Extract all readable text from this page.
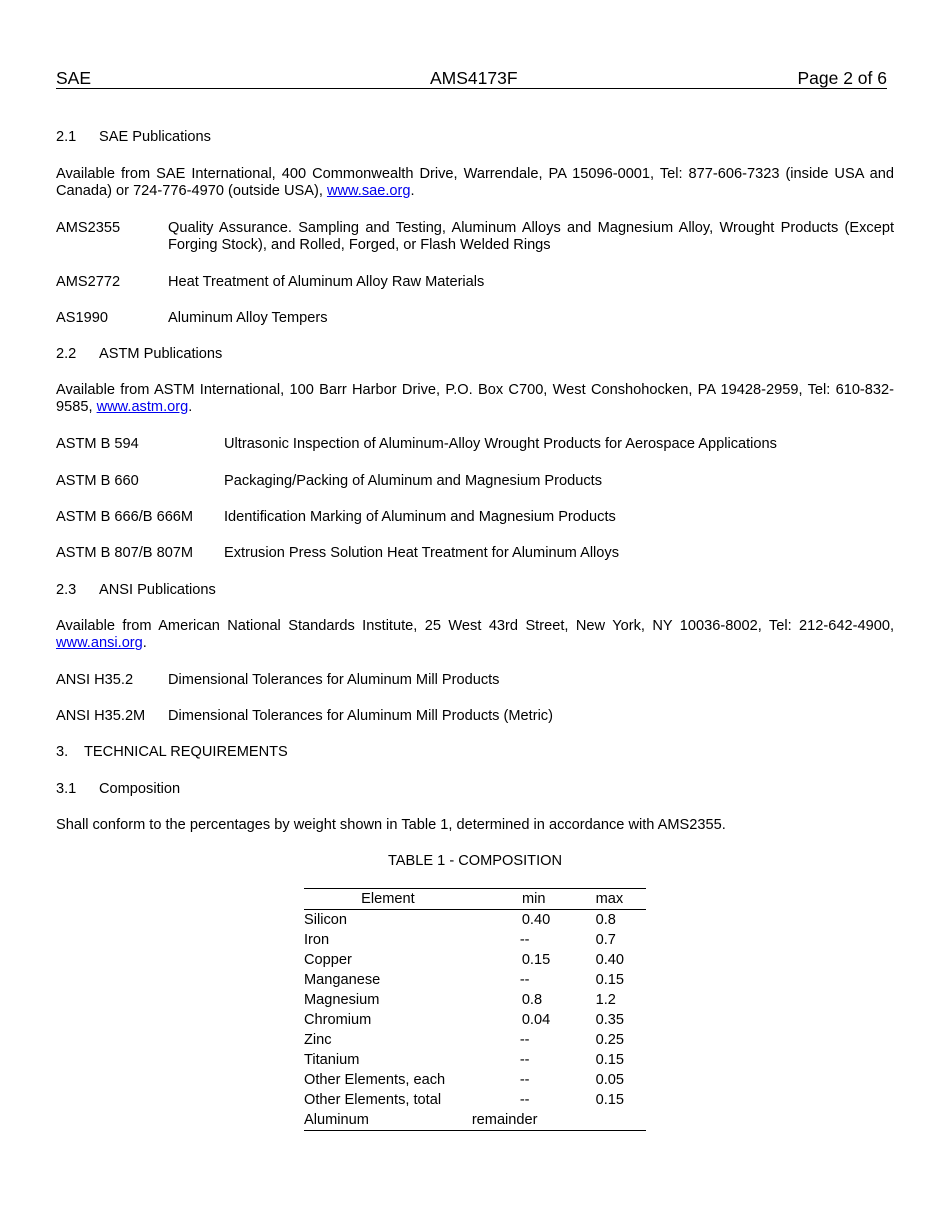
SAE	AMS4173F	Page 2 of 6
2.1 SAE Publications
Available from SAE International, 400 Commonwealth Drive, Warrendale, PA 15096-0001, Tel: 877-606-7323 (inside USA and Canada) or 724-776-4970 (outside USA), www.sae.org.
AMS2355	Quality Assurance. Sampling and Testing, Aluminum Alloys and Magnesium Alloy, Wrought Products (Except Forging Stock), and Rolled, Forged, or Flash Welded Rings
AMS2772	Heat Treatment of Aluminum Alloy Raw Materials
AS1990	Aluminum Alloy Tempers
2.2 ASTM Publications
Available from ASTM International, 100 Barr Harbor Drive, P.O. Box C700, West Conshohocken, PA 19428-2959, Tel: 610-832-9585, www.astm.org.
ASTM B 594	Ultrasonic Inspection of Aluminum-Alloy Wrought Products for Aerospace Applications
ASTM B 660	Packaging/Packing of Aluminum and Magnesium Products
ASTM B 666/B 666M Identification Marking of Aluminum and Magnesium Products
ASTM B 807/B 807M Extrusion Press Solution Heat Treatment for Aluminum Alloys
2.3 ANSI Publications
Available from American National Standards Institute, 25 West 43rd Street, New York, NY 10036-8002, Tel: 212-642-4900, www.ansi.org.
ANSI H35.2 Dimensional Tolerances for Aluminum Mill Products
ANSI H35.2M Dimensional Tolerances for Aluminum Mill Products (Metric)
3. TECHNICAL REQUIREMENTS
3.1 Composition
Shall conform to the percentages by weight shown in Table 1, determined in accordance with AMS2355.
TABLE 1 - COMPOSITION
Element	min	max
Silicon	0.40	0.8
Iron	--	0.7
Copper	0.15	0.40
Manganese	--	0.15
Magnesium	0.8	1.2
Chromium	0.04	0.35
Zinc	--	0.25
Titanium	--	0.15
Other Elements, each	--	0.05
Other Elements, total	--	0.15
Aluminum	remainder	
